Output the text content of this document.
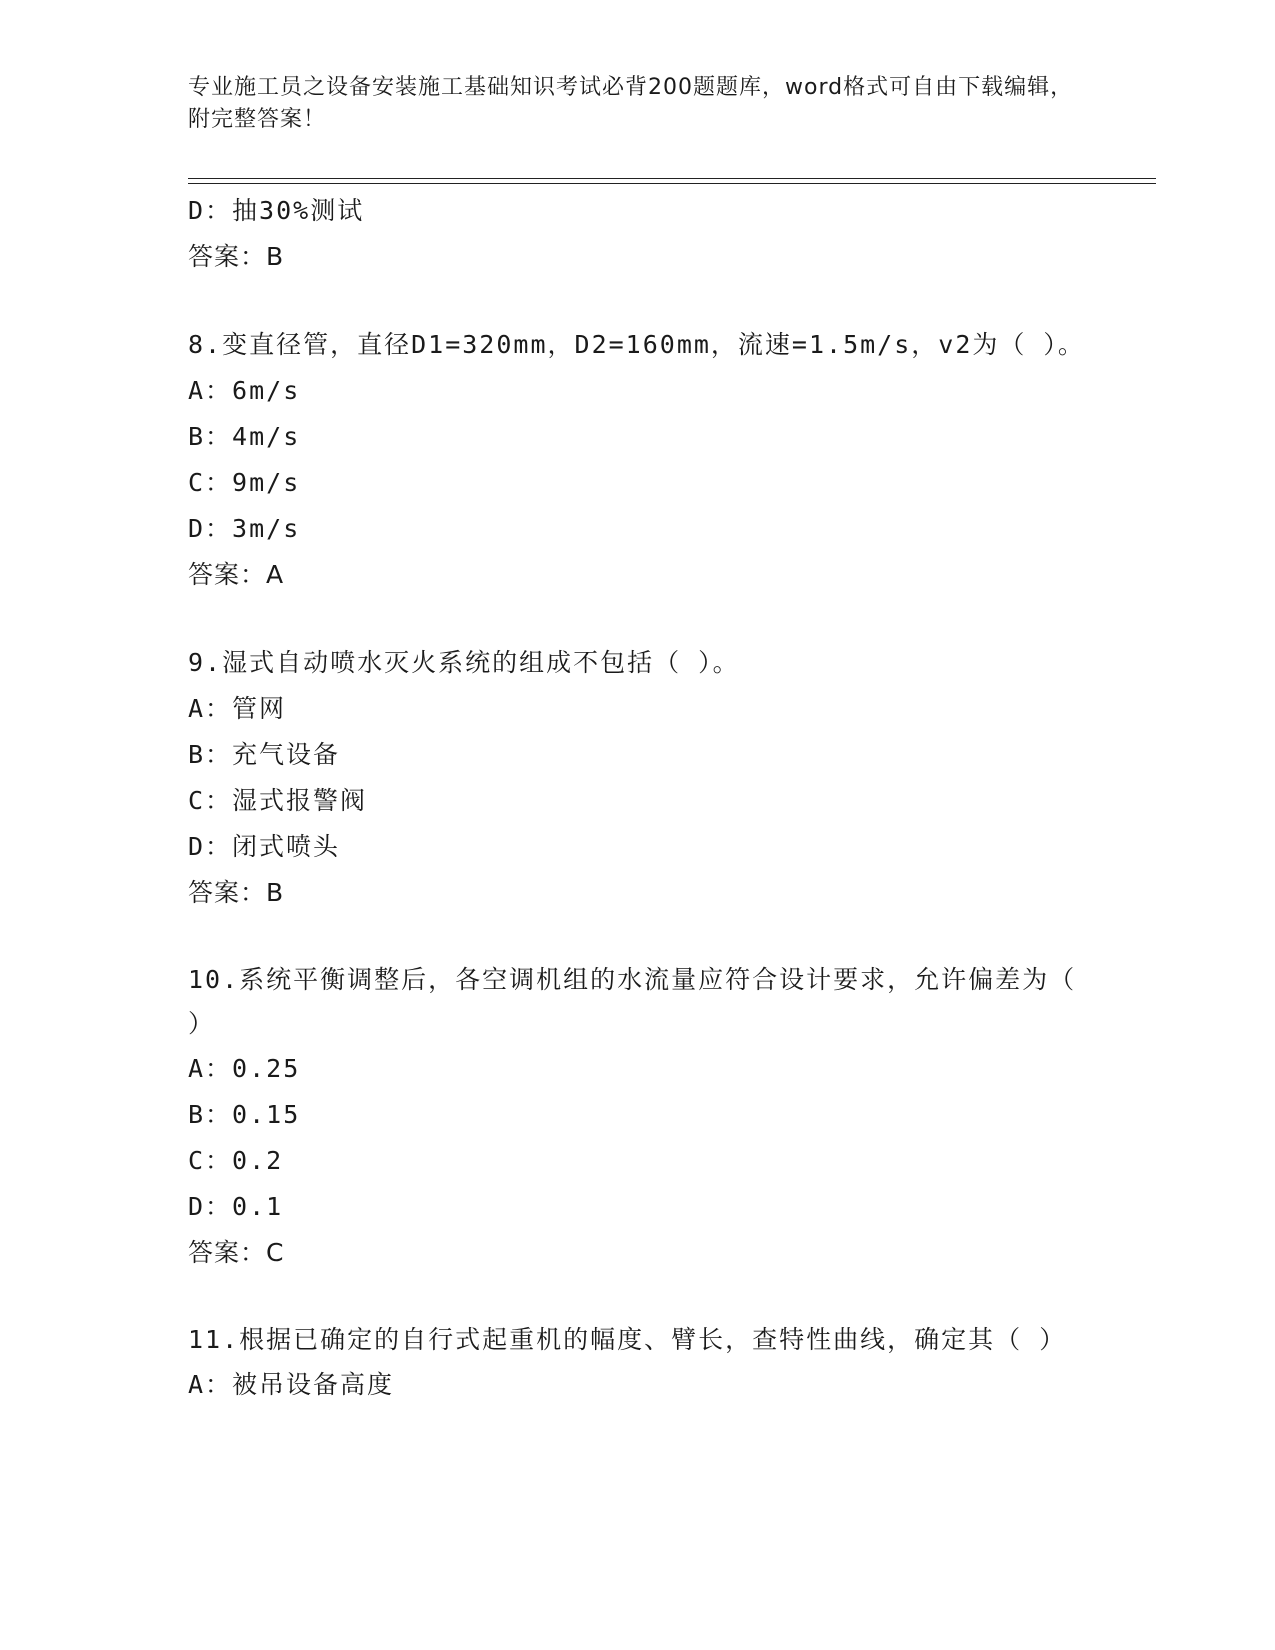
专业施工员之设备安装施工基础知识考试必背200题题库，word格式可自由下载编辑，附完整答案！
D：抽30%测试
答案：B
8.变直径管，直径D1=320mm，D2=160mm，流速=1.5m/s，v2为（ ）。
A：6m/s
B：4m/s
C：9m/s
D：3m/s
答案：A
9.湿式自动喷水灭火系统的组成不包括（ ）。
A：管网
B：充气设备
C：湿式报警阀
D：闭式喷头
答案：B
10.系统平衡调整后，各空调机组的水流量应符合设计要求，允许偏差为（ ）
A：0.25
B：0.15
C：0.2
D：0.1
答案：C
11.根据已确定的自行式起重机的幅度、臂长，查特性曲线，确定其（ ）
A：被吊设备高度
